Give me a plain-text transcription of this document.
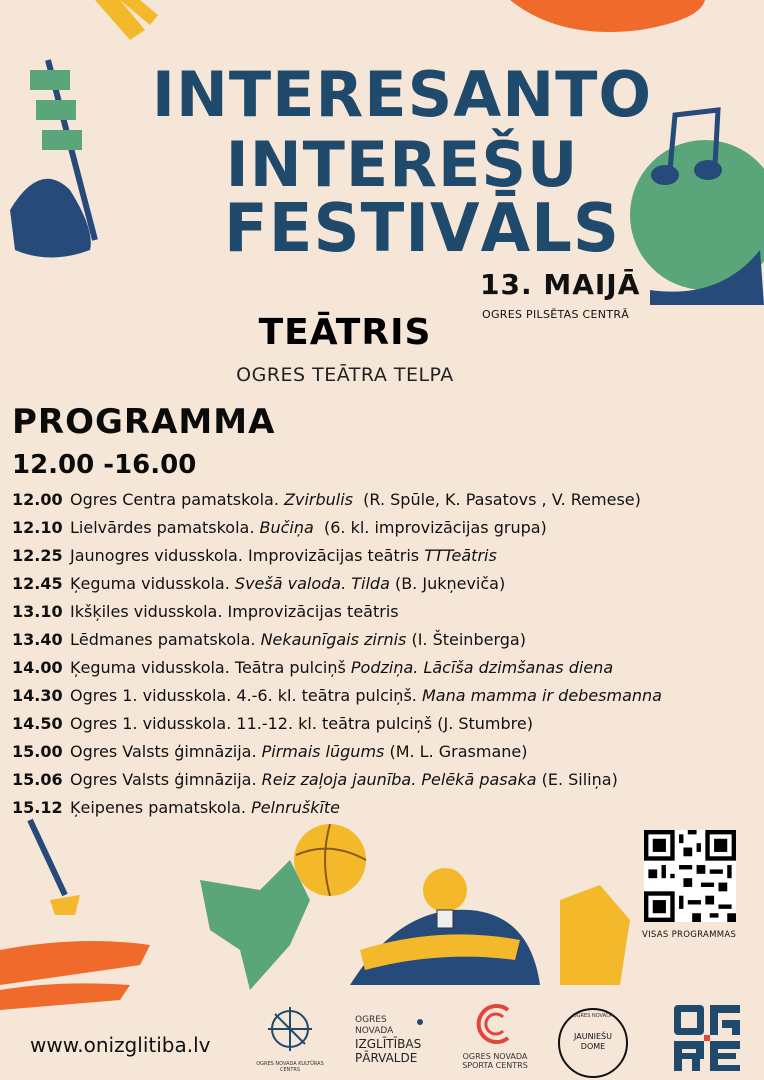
INTERESANTO
INTEREŠU
FESTIVĀLS
13. MAIJĀ
OGRES PILSĒTAS CENTRĀ
TEĀTRIS
OGRES TEĀTRA TELPA
PROGRAMMA
12.00 -16.00
12.00 Ogres Centra pamatskola. Zvirbulis  (R. Spūle, K. Pasatovs , V. Remese)
12.10 Lielvārdes pamatskola. Bučiņa  (6. kl. improvizācijas grupa)
12.25 Jaunogres vidusskola. Improvizācijas teātris TTTeātris
12.45 Ķeguma vidusskola. Svešā valoda. Tilda (B. Jukņeviča)
13.10 Ikšķiles vidusskola. Improvizācijas teātris
13.40 Lēdmanes pamatskola. Nekaunīgais zirnis (I. Šteinberga)
14.00 Ķeguma vidusskola. Teātra pulciņš Podziņa. Lācīša dzimšanas diena
14.30 Ogres 1. vidusskola. 4.-6. kl. teātra pulciņš. Mana mamma ir debesmanna
14.50 Ogres 1. vidusskola. 11.-12. kl. teātra pulciņš (J. Stumbre)
15.00 Ogres Valsts ģimnāzija. Pirmais lūgums (M. L. Grasmane)
15.06 Ogres Valsts ģimnāzija. Reiz zaļoja jaunība. Pelēkā pasaka (E. Siliņa)
15.12 Ķeipenes pamatskola. Pelnruškīte
VISAS PROGRAMMAS
www.onizglitiba.lv
OGRES NOVADA KULTŪRAS CENTRS
OGRES
NOVADA
IZGLĪTĪBAS
PĀRVALDE	OGRES NOVADA
SPORTA CENTRS
OGRES NOVADA
JAUNIEŠU
DOME
